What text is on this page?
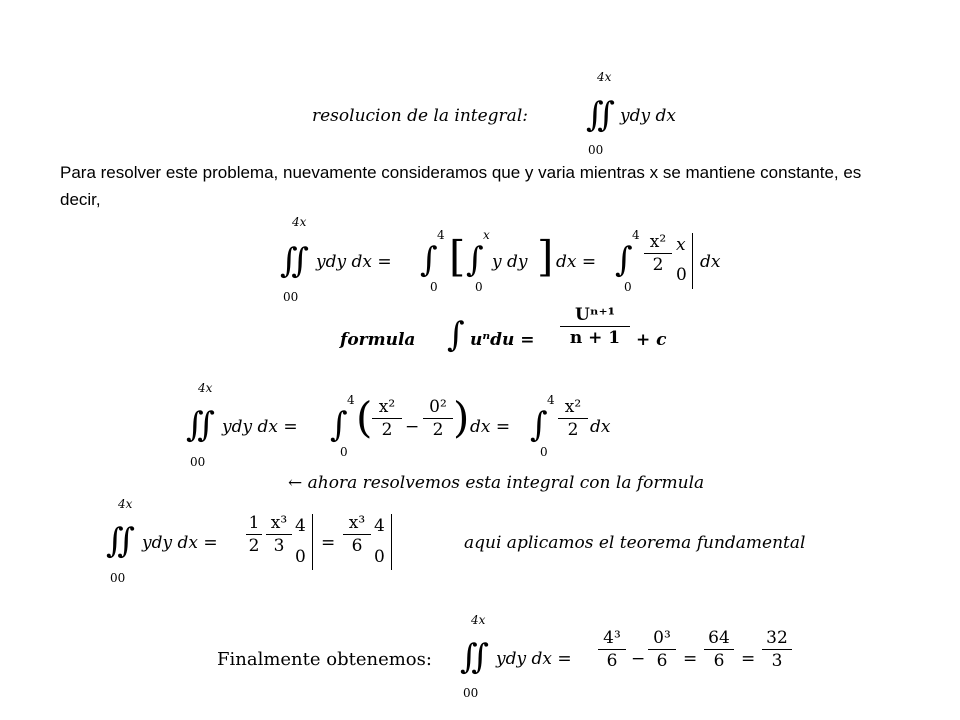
resolucion de la integral:
4x
∬
00
ydy dx
Para resolver este problema, nuevamente consideramos que y varia mientras x se mantiene constante, es decir,
4x
∬
00
ydy dx =
4
∫
0
[ x
∫
0
y dy ] dx =
4
∫
0
$\frac{\text{x²}}{2}$ x
0
dx
formula ∫ $u^ndu = \frac{\text{Uⁿ⁺¹}}{n + 1} + c$
4x
∬
00
ydy dx =
4
∫
0
( $\frac{\text{x²}}{2} - \frac{\text{0²}}{2}$ ) dx =
4
∫
0
$\frac{\text{x²}}{2}$ dx
← ahora resolvemos esta integral con la formula
4x
∬
00
ydy dx = $\frac{1}{2} \frac{\text{x³}}{3} 4$
0
= $\frac{\text{x³}}{6} 4$
0
aqui aplicamos el teorema fundamental
Finalmente obtenemos:
4x
∬
00
ydy dx = $\frac{\text{4³}}{6} - \frac{\text{0³}}{6} = \frac{64}{6} = \frac{32}{3}$
